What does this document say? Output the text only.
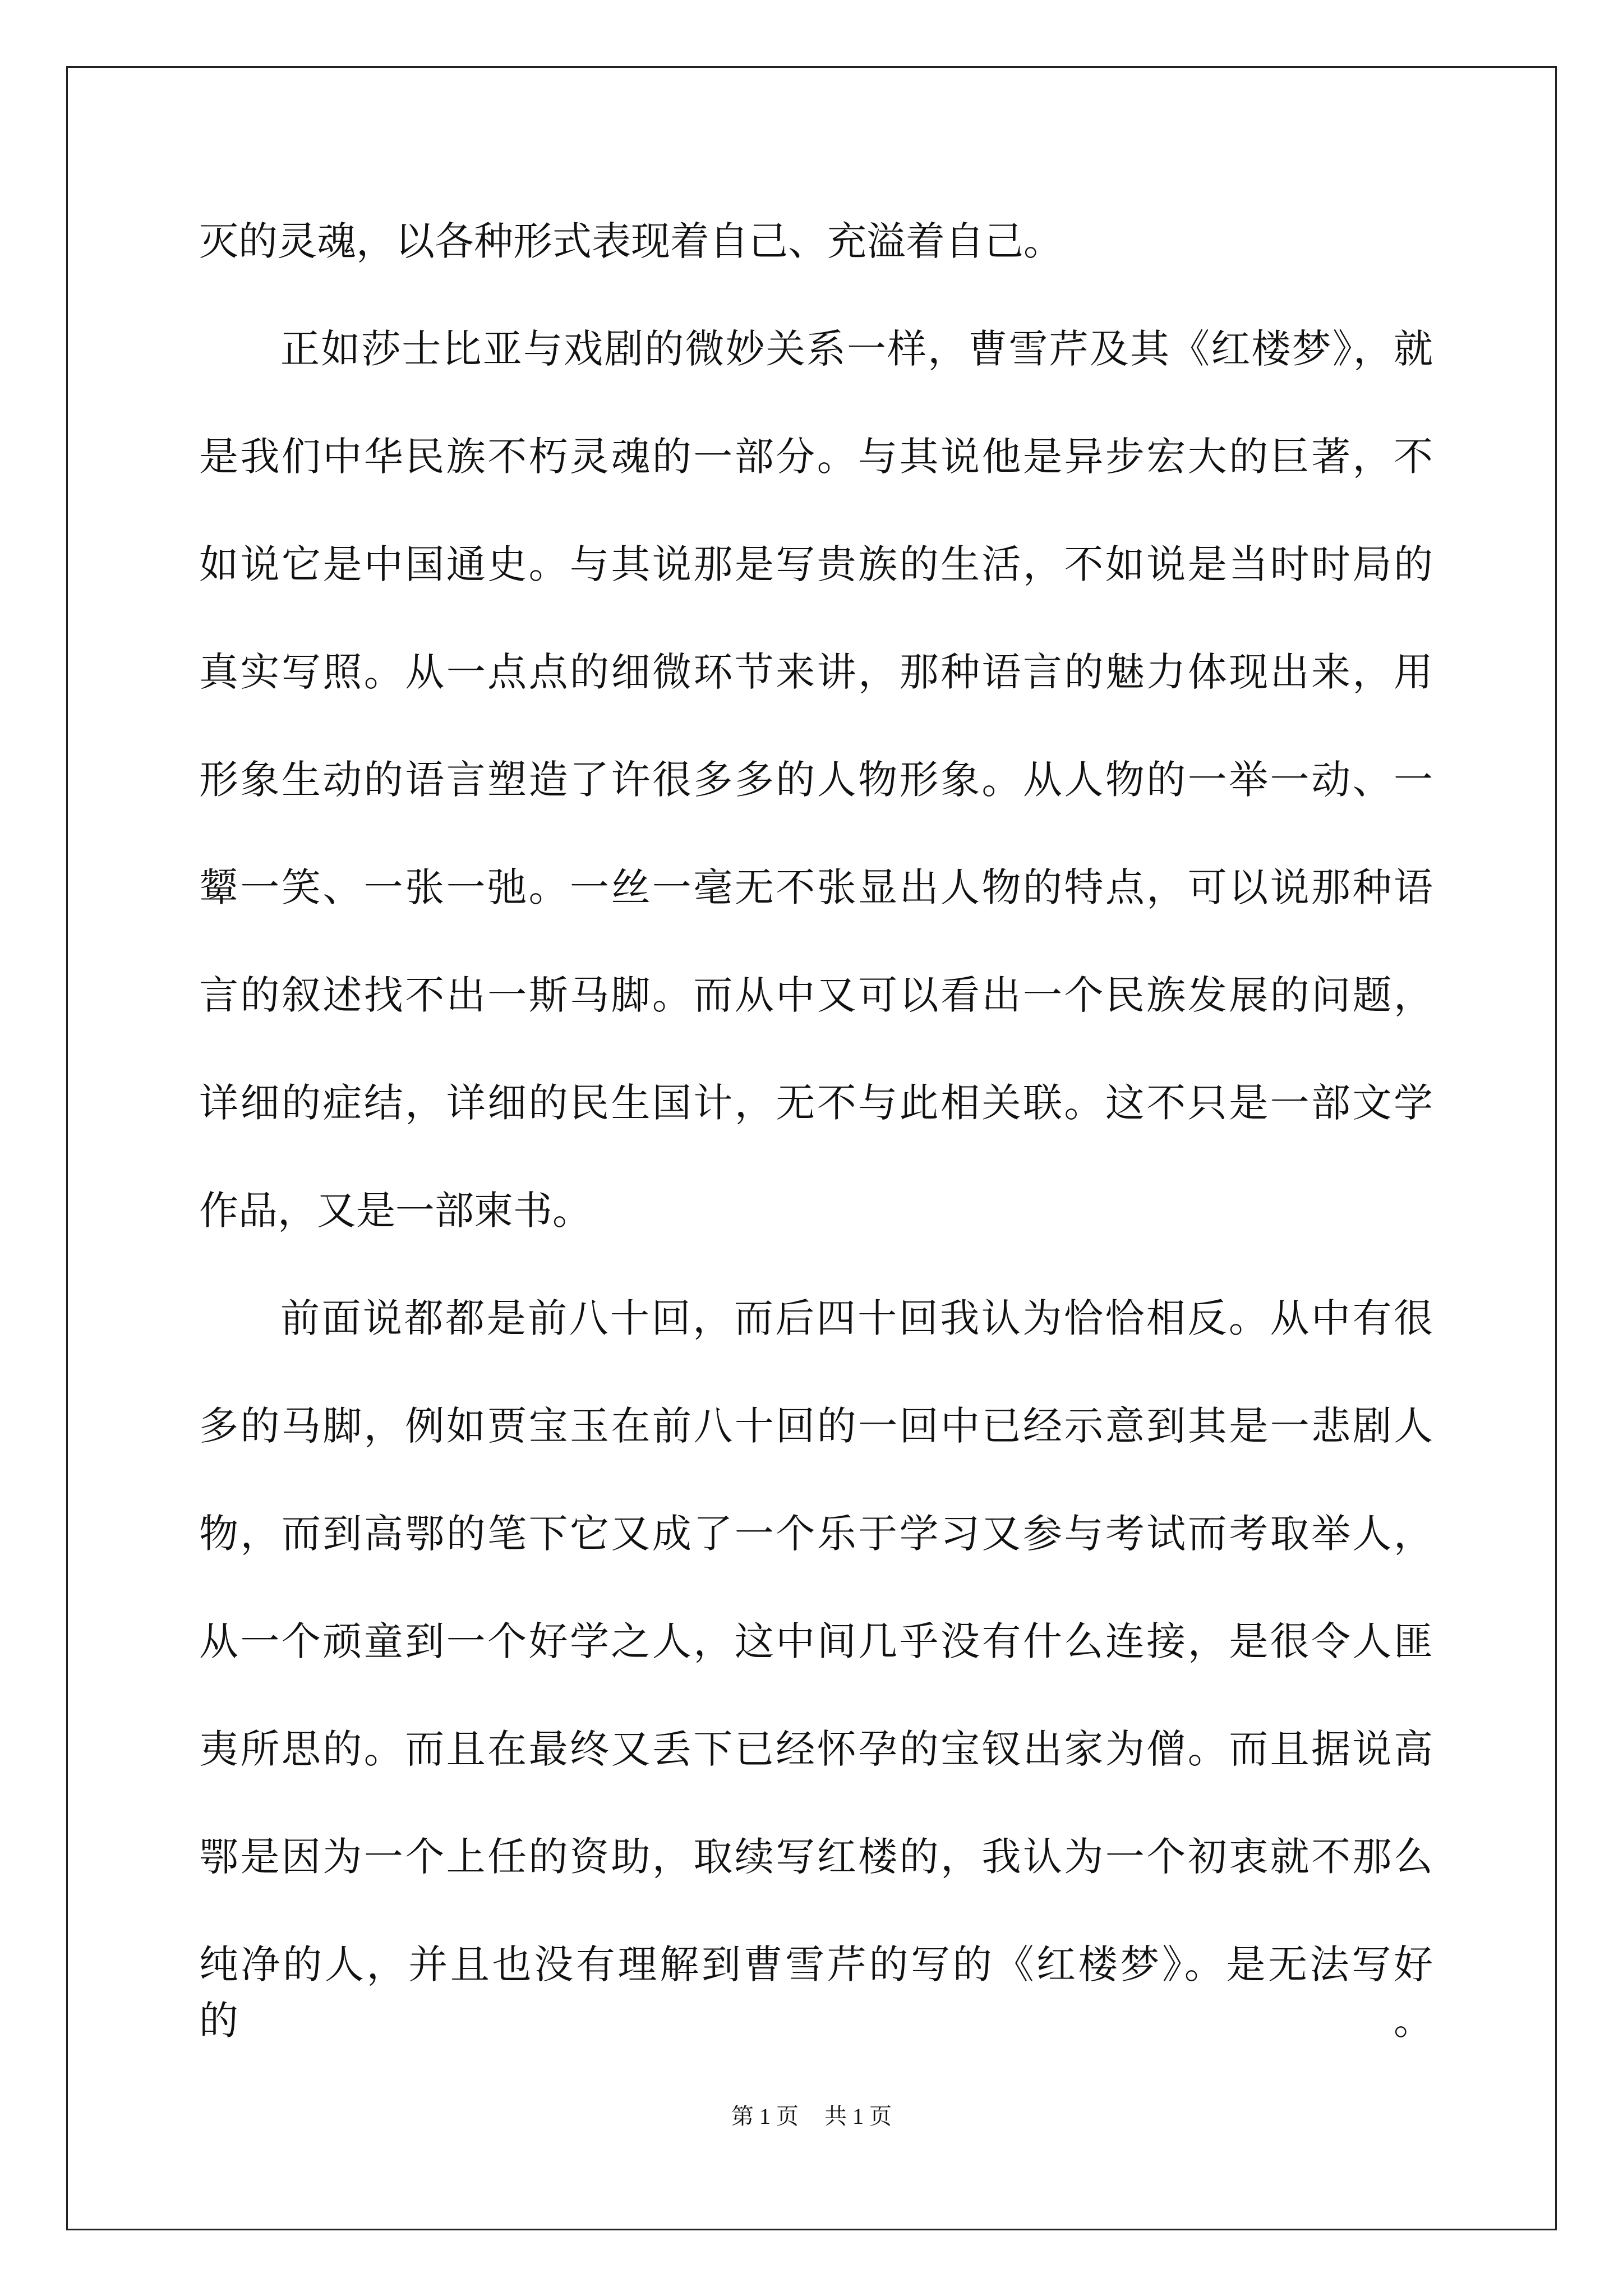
灭的灵魂，以各种形式表现着自己、充溢着自己。
正如莎士比亚与戏剧的微妙关系一样，曹雪芹及其《红楼梦》，就
是我们中华民族不朽灵魂的一部分。与其说他是异步宏大的巨著，不
如说它是中国通史。与其说那是写贵族的生活，不如说是当时时局的
真实写照。从一点点的细微环节来讲，那种语言的魅力体现出来，用
形象生动的语言塑造了许很多多的人物形象。从人物的一举一动、一
颦一笑、一张一弛。一丝一毫无不张显出人物的特点，可以说那种语
言的叙述找不出一斯马脚。而从中又可以看出一个民族发展的问题，
详细的症结，详细的民生国计，无不与此相关联。这不只是一部文学
作品，又是一部柬书。
前面说都都是前八十回，而后四十回我认为恰恰相反。从中有很
多的马脚，例如贾宝玉在前八十回的一回中已经示意到其是一悲剧人
物，而到高鄂的笔下它又成了一个乐于学习又参与考试而考取举人，
从一个顽童到一个好学之人，这中间几乎没有什么连接，是很令人匪
夷所思的。而且在最终又丢下已经怀孕的宝钗出家为僧。而且据说高
鄂是因为一个上任的资助，取续写红楼的，我认为一个初衷就不那么
纯净的人，并且也没有理解到曹雪芹的写的《红楼梦》。是无法写好的。
第 1 页 共 1 页
